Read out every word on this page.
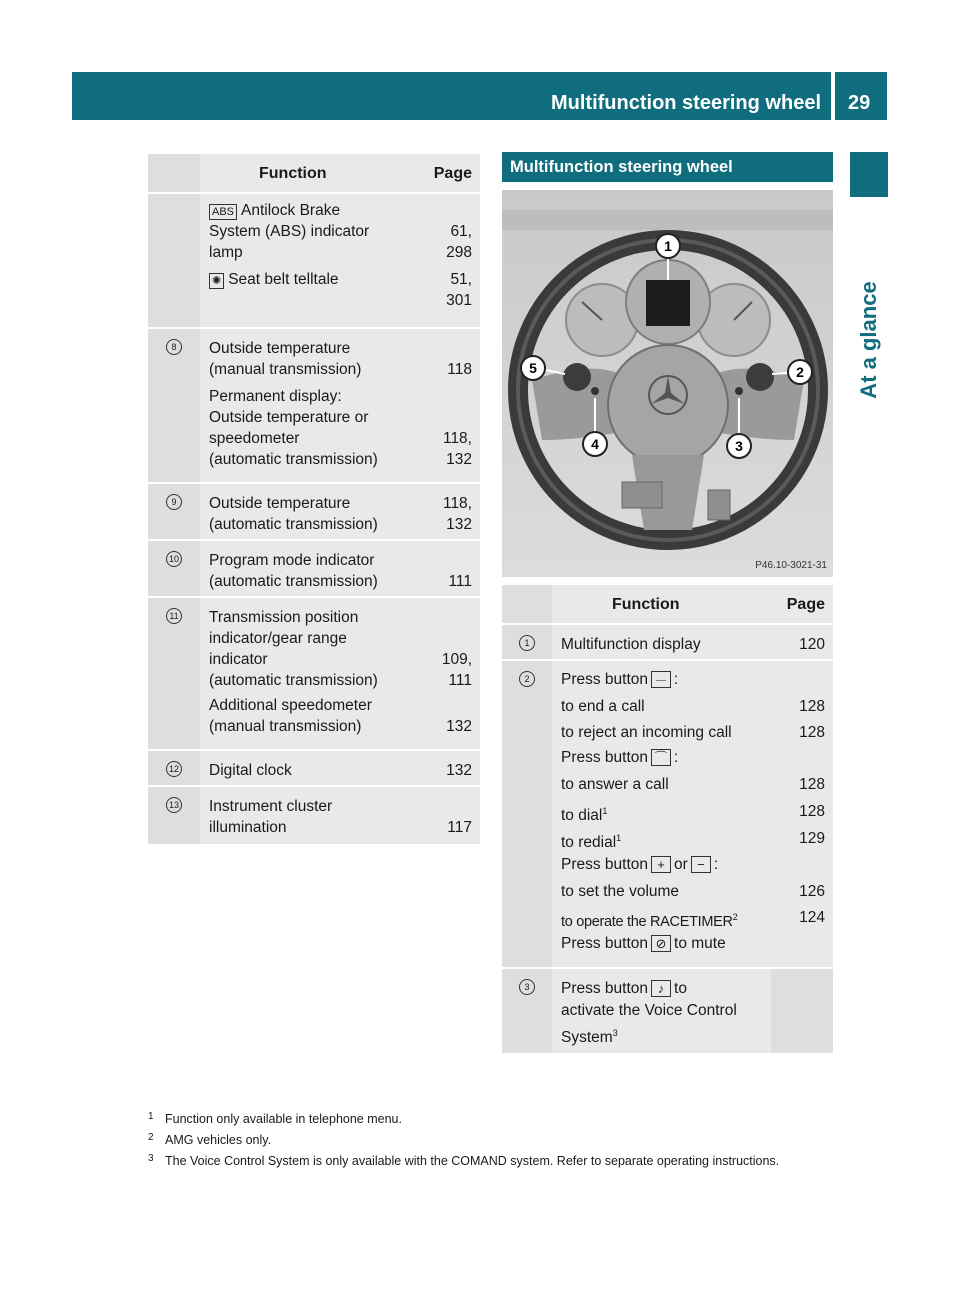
Multifunction steering wheel 29
At a glance
	Function	Page
	ABS Antilock Brake
System (ABS) indicator
lamp	61,
298
	✺ Seat belt telltale	51,
301
8	Outside temperature
(manual transmission)	118
	Permanent display:
Outside temperature or
speedometer
(automatic transmission)	118,
132
9	Outside temperature
(automatic transmission)	118,
132
10	Program mode indicator
(automatic transmission)	111
11	Transmission position
indicator/gear range
indicator
(automatic transmission)	109,
111
	Additional speedometer
(manual transmission)	132
12	Digital clock	132
13	Instrument cluster
illumination	117
Multifunction steering wheel
1
2
3
4
5
P46.10-3021-31
	Function	Page
1	Multifunction display	120
2	Press button ⏤ :	
	to end a call	128
	to reject an incoming call	128
	Press button ⌒ :	
	to answer a call	128
	to dial$^1$	128
	to redial$^1$	129
	Press button + or − :	
	to set the volume	126
	to operate the RACETIMER$^2$	124
	Press button ⊘ to mute	
3	Press button ♪ to
activate the Voice Control
System$^3$	
1 Function only available in telephone menu.
2 AMG vehicles only.
3 The Voice Control System is only available with the COMAND system. Refer to separate operating instructions.
